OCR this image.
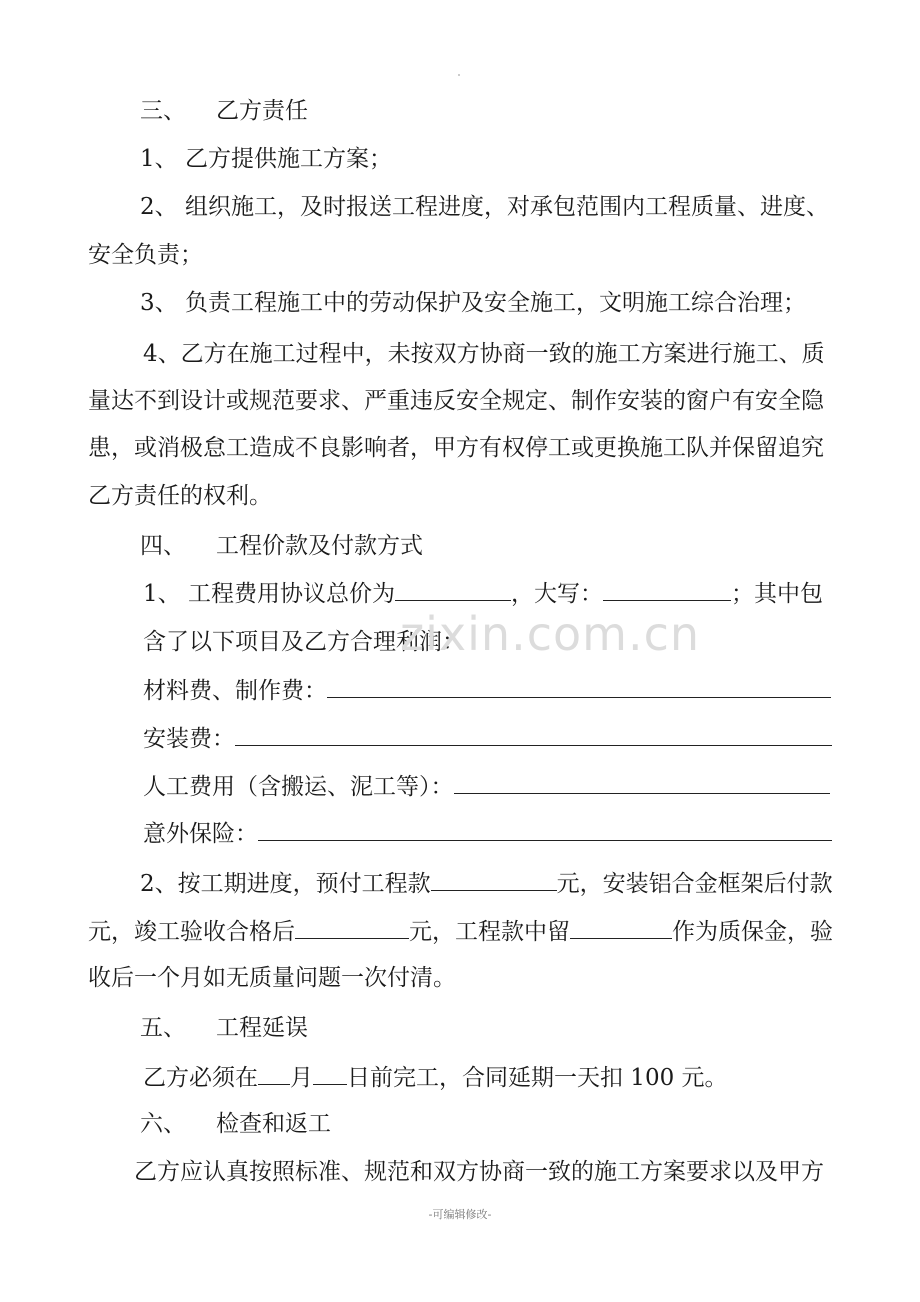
三、 乙方责任
1、 乙方提供施工方案；
2、 组织施工，及时报送工程进度，对承包范围内工程质量、进度、
安全负责；
3、 负责工程施工中的劳动保护及安全施工，文明施工综合治理；
4、乙方在施工过程中，未按双方协商一致的施工方案进行施工、质
量达不到设计或规范要求、严重违反安全规定、制作安装的窗户有安全隐
患，或消极怠工造成不良影响者，甲方有权停工或更换施工队并保留追究
乙方责任的权利。
四、 工程价款及付款方式
1、 工程费用协议总价为	，大写：	；其中包
含了以下项目及乙方合理利润：
材料费、制作费：
安装费：
人工费用（含搬运、泥工等）：
意外保险：
2、按工期进度，预付工程款	元，安装铝合金框架后付款
元，竣工验收合格后	元，工程款中留	作为质保金，验
收后一个月如无质量问题一次付清。
五、 工程延误
乙方必须在 月 日前完工，合同延期一天扣 100 元。
六、 检查和返工
乙方应认真按照标准、规范和双方协商一致的施工方案要求以及甲方
zixin.com.cn
-可编辑修改-
